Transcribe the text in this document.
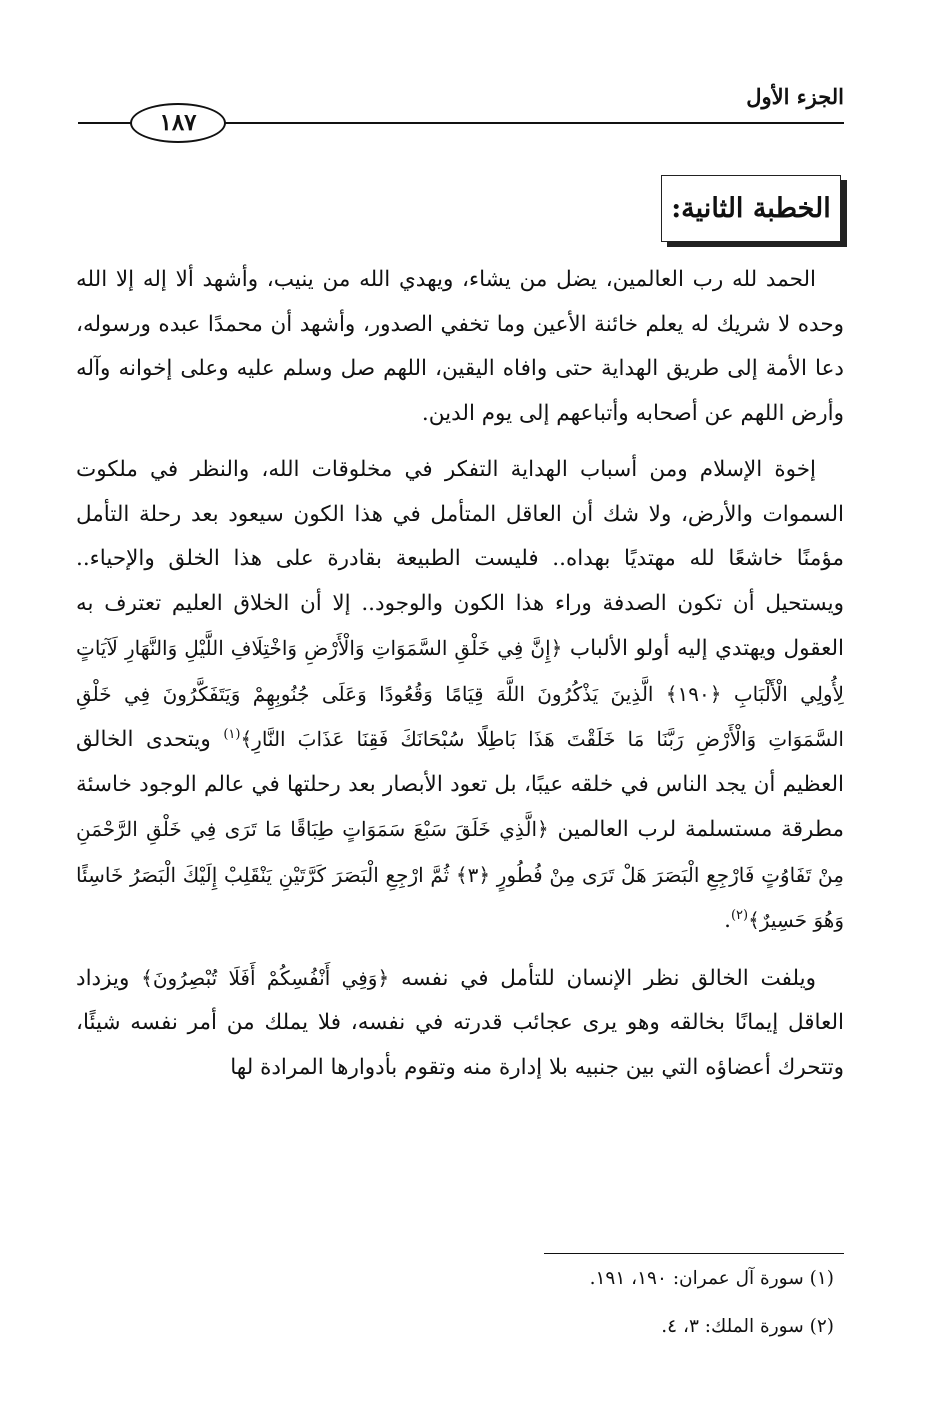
الجزء الأول
١٨٧
الخطبة الثانية:

الحمد لله رب العالمين، يضل من يشاء، ويهدي الله من ينيب، وأشهد ألا إله إلا الله وحده لا شريك له يعلم خائنة الأعين وما تخفي الصدور، وأشهد أن محمدًا عبده ورسوله، دعا الأمة إلى طريق الهداية حتى وافاه اليقين، اللهم صل وسلم عليه وعلى إخوانه وآله وأرض اللهم عن أصحابه وأتباعهم إلى يوم الدين.

إخوة الإسلام ومن أسباب الهداية التفكر في مخلوقات الله، والنظر في ملكوت السموات والأرض، ولا شك أن العاقل المتأمل في هذا الكون سيعود بعد رحلة التأمل مؤمنًا خاشعًا لله مهتديًا بهداه.. فليست الطبيعة بقادرة على هذا الخلق والإحياء.. ويستحيل أن تكون الصدفة وراء هذا الكون والوجود.. إلا أن الخلاق العليم تعترف به العقول ويهتدي إليه أولو الألباب ﴿إِنَّ فِي خَلْقِ السَّمَوَاتِ وَالْأَرْضِ وَاخْتِلَافِ اللَّيْلِ وَالنَّهَارِ لَآيَاتٍ لِأُولِي الْأَلْبَابِ ﴿١٩٠﴾ الَّذِينَ يَذْكُرُونَ اللَّهَ قِيَامًا وَقُعُودًا وَعَلَى جُنُوبِهِمْ وَيَتَفَكَّرُونَ فِي خَلْقِ السَّمَوَاتِ وَالْأَرْضِ رَبَّنَا مَا خَلَقْتَ هَذَا بَاطِلًا سُبْحَانَكَ فَقِنَا عَذَابَ النَّارِ﴾$^{(١)}$ ويتحدى الخالق العظيم أن يجد الناس في خلقه عيبًا، بل تعود الأبصار بعد رحلتها في عالم الوجود خاسئة مطرقة مستسلمة لرب العالمين ﴿الَّذِي خَلَقَ سَبْعَ سَمَوَاتٍ طِبَاقًا مَا تَرَى فِي خَلْقِ الرَّحْمَنِ مِنْ تَفَاوُتٍ فَارْجِعِ الْبَصَرَ هَلْ تَرَى مِنْ فُطُورٍ ﴿٣﴾ ثُمَّ ارْجِعِ الْبَصَرَ كَرَّتَيْنِ يَنْقَلِبْ إِلَيْكَ الْبَصَرُ خَاسِئًا وَهُوَ حَسِيرٌ﴾$^{(٢)}$.

ويلفت الخالق نظر الإنسان للتأمل في نفسه ﴿وَفِي أَنْفُسِكُمْ أَفَلَا تُبْصِرُونَ﴾ ويزداد العاقل إيمانًا بخالقه وهو يرى عجائب قدرته في نفسه، فلا يملك من أمر نفسه شيئًا، وتتحرك أعضاؤه التي بين جنبيه بلا إدارة منه وتقوم بأدوارها المرادة لها

(١) سورة آل عمران: ١٩٠، ١٩١.

(٢) سورة الملك: ٣، ٤.
